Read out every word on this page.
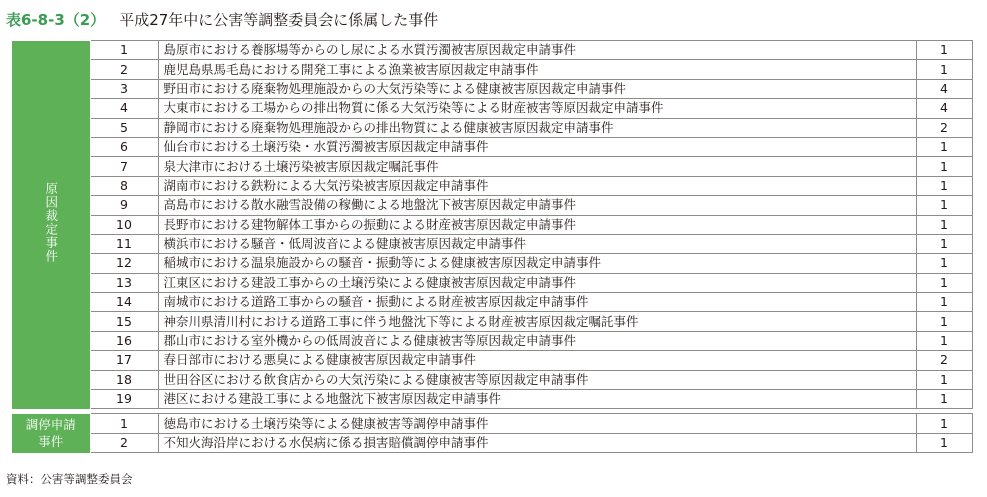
表6-8-3（2） 平成27年中に公害等調整委員会に係属した事件
原因裁定事件	1	島原市における養豚場等からのし尿による水質汚濁被害原因裁定申請事件	1
	2	鹿児島県馬毛島における開発工事による漁業被害原因裁定申請事件	1
	3	野田市における廃棄物処理施設からの大気汚染等による健康被害原因裁定申請事件	4
	4	大東市における工場からの排出物質に係る大気汚染等による財産被害等原因裁定申請事件	4
	5	静岡市における廃棄物処理施設からの排出物質による健康被害原因裁定申請事件	2
	6	仙台市における土壌汚染・水質汚濁被害原因裁定申請事件	1
	7	泉大津市における土壌汚染被害原因裁定嘱託事件	1
	8	湖南市における鉄粉による大気汚染被害原因裁定申請事件	1
	9	高島市における散水融雪設備の稼働による地盤沈下被害原因裁定申請事件	1
	10	長野市における建物解体工事からの振動による財産被害原因裁定申請事件	1
	11	横浜市における騒音・低周波音による健康被害原因裁定申請事件	1
	12	稲城市における温泉施設からの騒音・振動等による健康被害原因裁定申請事件	1
	13	江東区における建設工事からの土壌汚染による健康被害原因裁定申請事件	1
	14	南城市における道路工事からの騒音・振動による財産被害原因裁定申請事件	1
	15	神奈川県清川村における道路工事に伴う地盤沈下等による財産被害原因裁定嘱託事件	1
	16	郡山市における室外機からの低周波音による健康被害等原因裁定申請事件	1
	17	春日部市における悪臭による健康被害原因裁定申請事件	2
	18	世田谷区における飲食店からの大気汚染による健康被害等原因裁定申請事件	1
	19	港区における建設工事による地盤沈下被害原因裁定申請事件	1

調停申請
事件	1	徳島市における土壌汚染等による健康被害等調停申請事件	1
	2	不知火海沿岸における水俣病に係る損害賠償調停申請事件	1
資料：公害等調整委員会
